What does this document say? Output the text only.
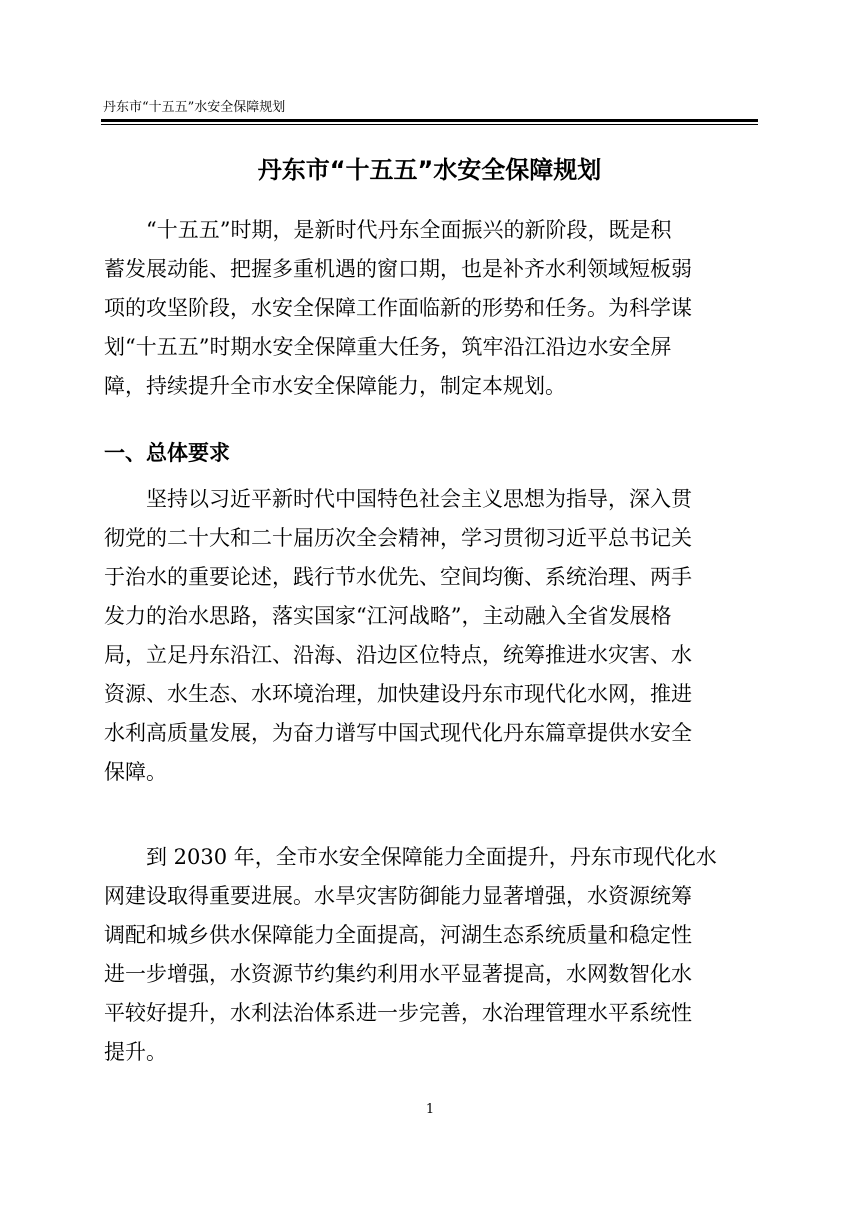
丹东市“十五五”水安全保障规划
丹东市“十五五”水安全保障规划
“十五五”时期，是新时代丹东全面振兴的新阶段，既是积
蓄发展动能、把握多重机遇的窗口期，也是补齐水利领域短板弱
项的攻坚阶段，水安全保障工作面临新的形势和任务。为科学谋
划“十五五”时期水安全保障重大任务，筑牢沿江沿边水安全屏
障，持续提升全市水安全保障能力，制定本规划。
一、总体要求
坚持以习近平新时代中国特色社会主义思想为指导，深入贯
彻党的二十大和二十届历次全会精神，学习贯彻习近平总书记关
于治水的重要论述，践行节水优先、空间均衡、系统治理、两手
发力的治水思路，落实国家“江河战略”，主动融入全省发展格
局，立足丹东沿江、沿海、沿边区位特点，统筹推进水灾害、水
资源、水生态、水环境治理，加快建设丹东市现代化水网，推进
水利高质量发展，为奋力谱写中国式现代化丹东篇章提供水安全
保障。
到 2030 年，全市水安全保障能力全面提升，丹东市现代化水
网建设取得重要进展。水旱灾害防御能力显著增强，水资源统筹
调配和城乡供水保障能力全面提高，河湖生态系统质量和稳定性
进一步增强，水资源节约集约利用水平显著提高，水网数智化水
平较好提升，水利法治体系进一步完善，水治理管理水平系统性
提升。
1
